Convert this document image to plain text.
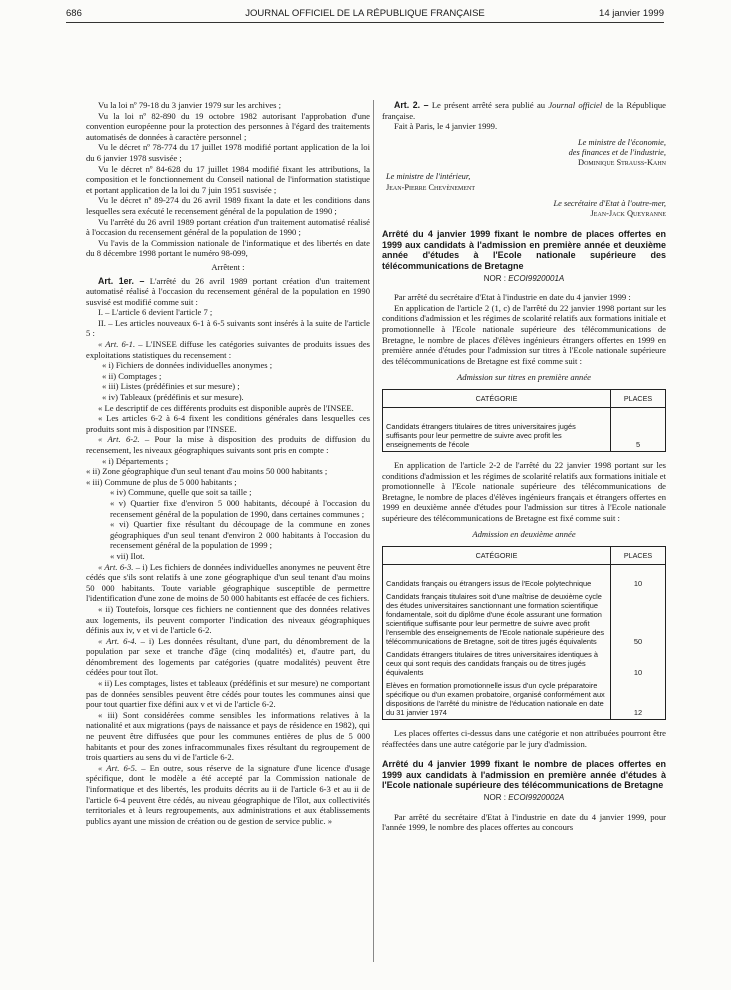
686	JOURNAL OFFICIEL DE LA RÉPUBLIQUE FRANÇAISE	14 janvier 1999

Vu la loi nº 79-18 du 3 janvier 1979 sur les archives ;

Vu la loi nº 82-890 du 19 octobre 1982 autorisant l'approbation d'une convention européenne pour la protection des personnes à l'égard des traitements automatisés de données à caractère personnel ;

Vu le décret nº 78-774 du 17 juillet 1978 modifié portant application de la loi du 6 janvier 1978 susvisée ;

Vu le décret nº 84-628 du 17 juillet 1984 modifié fixant les attributions, la composition et le fonctionnement du Conseil national de l'information statistique et portant application de la loi du 7 juin 1951 susvisée ;

Vu le décret nº 89-274 du 26 avril 1989 fixant la date et les conditions dans lesquelles sera exécuté le recensement général de la population de 1990 ;

Vu l'arrêté du 26 avril 1989 portant création d'un traitement automatisé réalisé à l'occasion du recensement général de la population de 1990 ;

Vu l'avis de la Commission nationale de l'informatique et des libertés en date du 8 décembre 1998 portant le numéro 98-099,

Arrêtent :

Art. 1er. – L'arrêté du 26 avril 1989 portant création d'un traitement automatisé réalisé à l'occasion du recensement général de la population en 1990 susvisé est modifié comme suit :

I. – L'article 6 devient l'article 7 ;

II. – Les articles nouveaux 6-1 à 6-5 suivants sont insérés à la suite de l'article 5 :

« Art. 6-1. – L'INSEE diffuse les catégories suivantes de produits issues des exploitations statistiques du recensement :

« i) Fichiers de données individuelles anonymes ;

« ii) Comptages ;

« iii) Listes (prédéfinies et sur mesure) ;

« iv) Tableaux (prédéfinis et sur mesure).

« Le descriptif de ces différents produits est disponible auprès de l'INSEE.

« Les articles 6-2 à 6-4 fixent les conditions générales dans lesquelles ces produits sont mis à disposition par l'INSEE.

« Art. 6-2. – Pour la mise à disposition des produits de diffusion du recensement, les niveaux géographiques suivants sont pris en compte :

« i) Départements ;

« ii) Zone géographique d'un seul tenant d'au moins 50 000 habitants ;

« iii) Commune de plus de 5 000 habitants ;

« iv) Commune, quelle que soit sa taille ;

« v) Quartier fixe d'environ 5 000 habitants, découpé à l'occasion du recensement général de la population de 1990, dans certaines communes ;

« vi) Quartier fixe résultant du découpage de la commune en zones géographiques d'un seul tenant d'environ 2 000 habitants à l'occasion du recensement général de la population de 1999 ;

« vii) Ilot.

« Art. 6-3. – i) Les fichiers de données individuelles anonymes ne peuvent être cédés que s'ils sont relatifs à une zone géographique d'un seul tenant d'au moins 50 000 habitants. Toute variable géographique susceptible de permettre l'identification d'une zone de moins de 50 000 habitants est effacée de ces fichiers.

« ii) Toutefois, lorsque ces fichiers ne contiennent que des données relatives aux logements, ils peuvent comporter l'indication des niveaux géographiques définis aux iv, v et vi de l'article 6-2.

« Art. 6-4. – i) Les données résultant, d'une part, du dénombrement de la population par sexe et tranche d'âge (cinq modalités) et, d'autre part, du dénombrement des logements par catégories (quatre modalités) peuvent être cédées pour tout îlot.

« ii) Les comptages, listes et tableaux (prédéfinis et sur mesure) ne comportant pas de données sensibles peuvent être cédés pour toutes les communes ainsi que pour tout quartier fixe défini aux v et vi de l'article 6-2.

« iii) Sont considérées comme sensibles les informations relatives à la nationalité et aux migrations (pays de naissance et pays de résidence en 1982), qui ne peuvent être diffusées que pour les communes entières de plus de 5 000 habitants et pour des zones infracommunales fixes résultant du regroupement de trois quartiers au sens du vi de l'article 6-2.

« Art. 6-5. – En outre, sous réserve de la signature d'une licence d'usage spécifique, dont le modèle a été accepté par la Commission nationale de l'informatique et des libertés, les produits décrits au ii de l'article 6-3 et au ii de l'article 6-4 peuvent être cédés, au niveau géographique de l'îlot, aux collectivités territoriales et à leurs regroupements, aux administrations et aux établissements publics ayant une mission de création ou de gestion de service public. »

Art. 2. – Le présent arrêté sera publié au Journal officiel de la République française.

Fait à Paris, le 4 janvier 1999.

Le ministre de l'économie,
des finances et de l'industrie,
Dominique Strauss-Kahn
Le ministre de l'intérieur,
Jean-Pierre Chevènement
Le secrétaire d'Etat à l'outre-mer,
Jean-Jack Queyranne
Arrêté du 4 janvier 1999 fixant le nombre de places offertes en 1999 aux candidats à l'admission en première année et deuxième année d'études à l'Ecole nationale supérieure des télécommunications de Bretagne
NOR : ECOI9920001A

Par arrêté du secrétaire d'Etat à l'industrie en date du 4 janvier 1999 :

En application de l'article 2 (1, c) de l'arrêté du 22 janvier 1998 portant sur les conditions d'admission et les régimes de scolarité relatifs aux formations initiale et promotionnelle à l'Ecole nationale supérieure des télécommunications de Bretagne, le nombre de places d'élèves ingénieurs étrangers offertes en 1999 en première année d'études pour l'admission sur titres à l'Ecole nationale supérieure des télécommunications de Bretagne est fixé comme suit :

Admission sur titres en première année

CATÉGORIE	PLACES
Candidats étrangers titulaires de titres universitaires jugés suffisants pour leur permettre de suivre avec profit les enseignements de l'école	5

En application de l'article 2-2 de l'arrêté du 22 janvier 1998 portant sur les conditions d'admission et les régimes de scolarité relatifs aux formations initiale et promotionnelle à l'Ecole nationale supérieure des télécommunications de Bretagne, le nombre de places d'élèves ingénieurs français et étrangers offertes en 1999 en deuxième année d'études pour l'admission sur titres à l'Ecole nationale supérieure des télécommunications de Bretagne est fixé comme suit :

Admission en deuxième année

CATÉGORIE	PLACES
Candidats français ou étrangers issus de l'Ecole polytechnique	10
Candidats français titulaires soit d'une maîtrise de deuxième cycle des études universitaires sanctionnant une formation scientifique fondamentale, soit du diplôme d'une école assurant une formation scientifique suffisante pour leur permettre de suivre avec profit l'ensemble des enseignements de l'Ecole nationale supérieure des télécommunications de Bretagne, soit de titres jugés équivalents	50
Candidats étrangers titulaires de titres universitaires identiques à ceux qui sont requis des candidats français ou de titres jugés équivalents	10
Elèves en formation promotionnelle issus d'un cycle préparatoire spécifique ou d'un examen probatoire, organisé conformément aux dispositions de l'arrêté du ministre de l'éducation nationale en date du 31 janvier 1974	12

Les places offertes ci-dessus dans une catégorie et non attribuées pourront être réaffectées dans une autre catégorie par le jury d'admission.

Arrêté du 4 janvier 1999 fixant le nombre de places offertes en 1999 aux candidats à l'admission en première année d'études à l'Ecole nationale supérieure des télécommunications de Bretagne
NOR : ECOI9920002A

Par arrêté du secrétaire d'Etat à l'industrie en date du 4 janvier 1999, pour l'année 1999, le nombre des places offertes au concours
